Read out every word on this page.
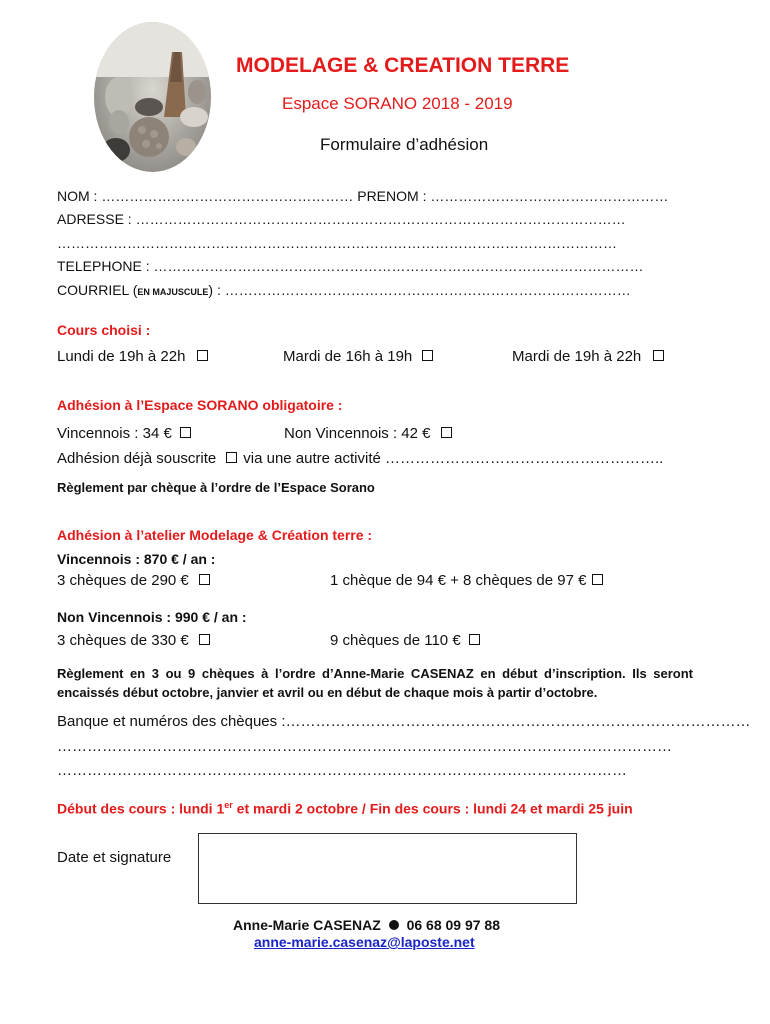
MODELAGE & CREATION TERRE
Espace SORANO 2018 - 2019
Formulaire d’adhésion
NOM : ……………………………………………… PRENOM : ……………………………………………
ADRESSE : ……………………………………………………………………………………………
…………………………………………………………………………………………………………
TELEPHONE : ……………………………………………………………………………………………
COURRIEL (EN MAJUSCULE) : ……………………………………………………………………………
Cours choisi :
Lundi de 19h à 22h	Mardi de 16h à 19h	Mardi de 19h à 22h
Adhésion à l’Espace SORANO obligatoire :
Vincennois : 34 €	Non Vincennois : 42 €
Adhésion déjà souscrite via une autre activité ………………………………………………..
Règlement par chèque à l’ordre de l’Espace Sorano
Adhésion à l’atelier Modelage & Création terre :
Vincennois : 870 € / an :
3 chèques de 290 €	1 chèque de 94 € + 8 chèques de 97 €
Non Vincennois : 990 € / an :
3 chèques de 330 €	9 chèques de 110 €
Règlement en 3 ou 9 chèques à l’ordre d’Anne-Marie CASENAZ en début d’inscription. Ils seront encaissés début octobre, janvier et avril ou en début de chaque mois à partir d’octobre.
Banque et numéros des chèques :…………………………………………………………………………………
……………………………………………………………………………………………………………
……………………………………………………………………………………………………
Début des cours : lundi 1er et mardi 2 octobre / Fin des cours : lundi 24 et mardi 25 juin
Date et signature
Anne-Marie CASENAZ 06 68 09 97 88
anne-marie.casenaz@laposte.net
